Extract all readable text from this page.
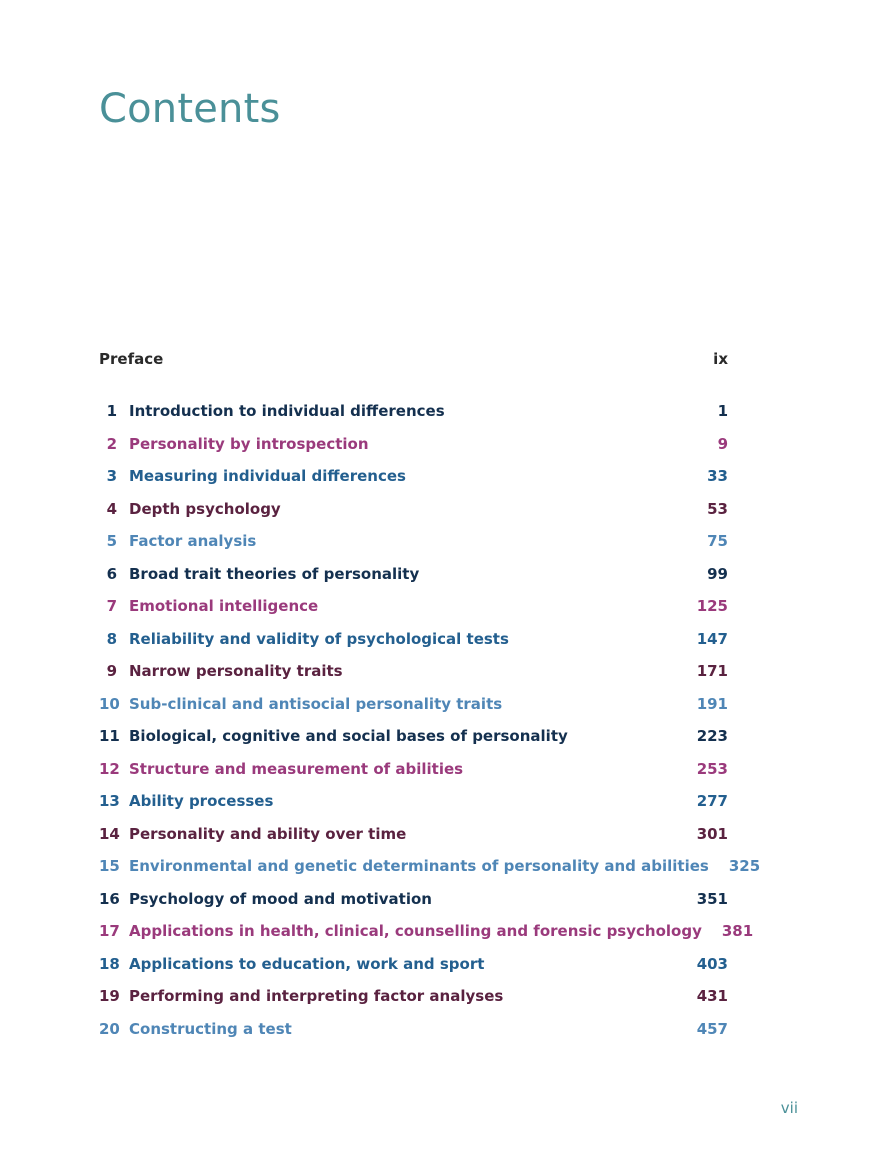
Contents
Preface	ix
1 Introduction to individual differences	1
2 Personality by introspection	9
3 Measuring individual differences	33
4 Depth psychology	53
5 Factor analysis	75
6 Broad trait theories of personality	99
7 Emotional intelligence	125
8 Reliability and validity of psychological tests	147
9 Narrow personality traits	171
10 Sub-clinical and antisocial personality traits	191
11 Biological, cognitive and social bases of personality	223
12 Structure and measurement of abilities	253
13 Ability processes	277
14 Personality and ability over time	301
15 Environmental and genetic determinants of personality and abilities 325
16 Psychology of mood and motivation	351
17 Applications in health, clinical, counselling and forensic psychology 381
18 Applications to education, work and sport	403
19 Performing and interpreting factor analyses	431
20 Constructing a test	457
vii
